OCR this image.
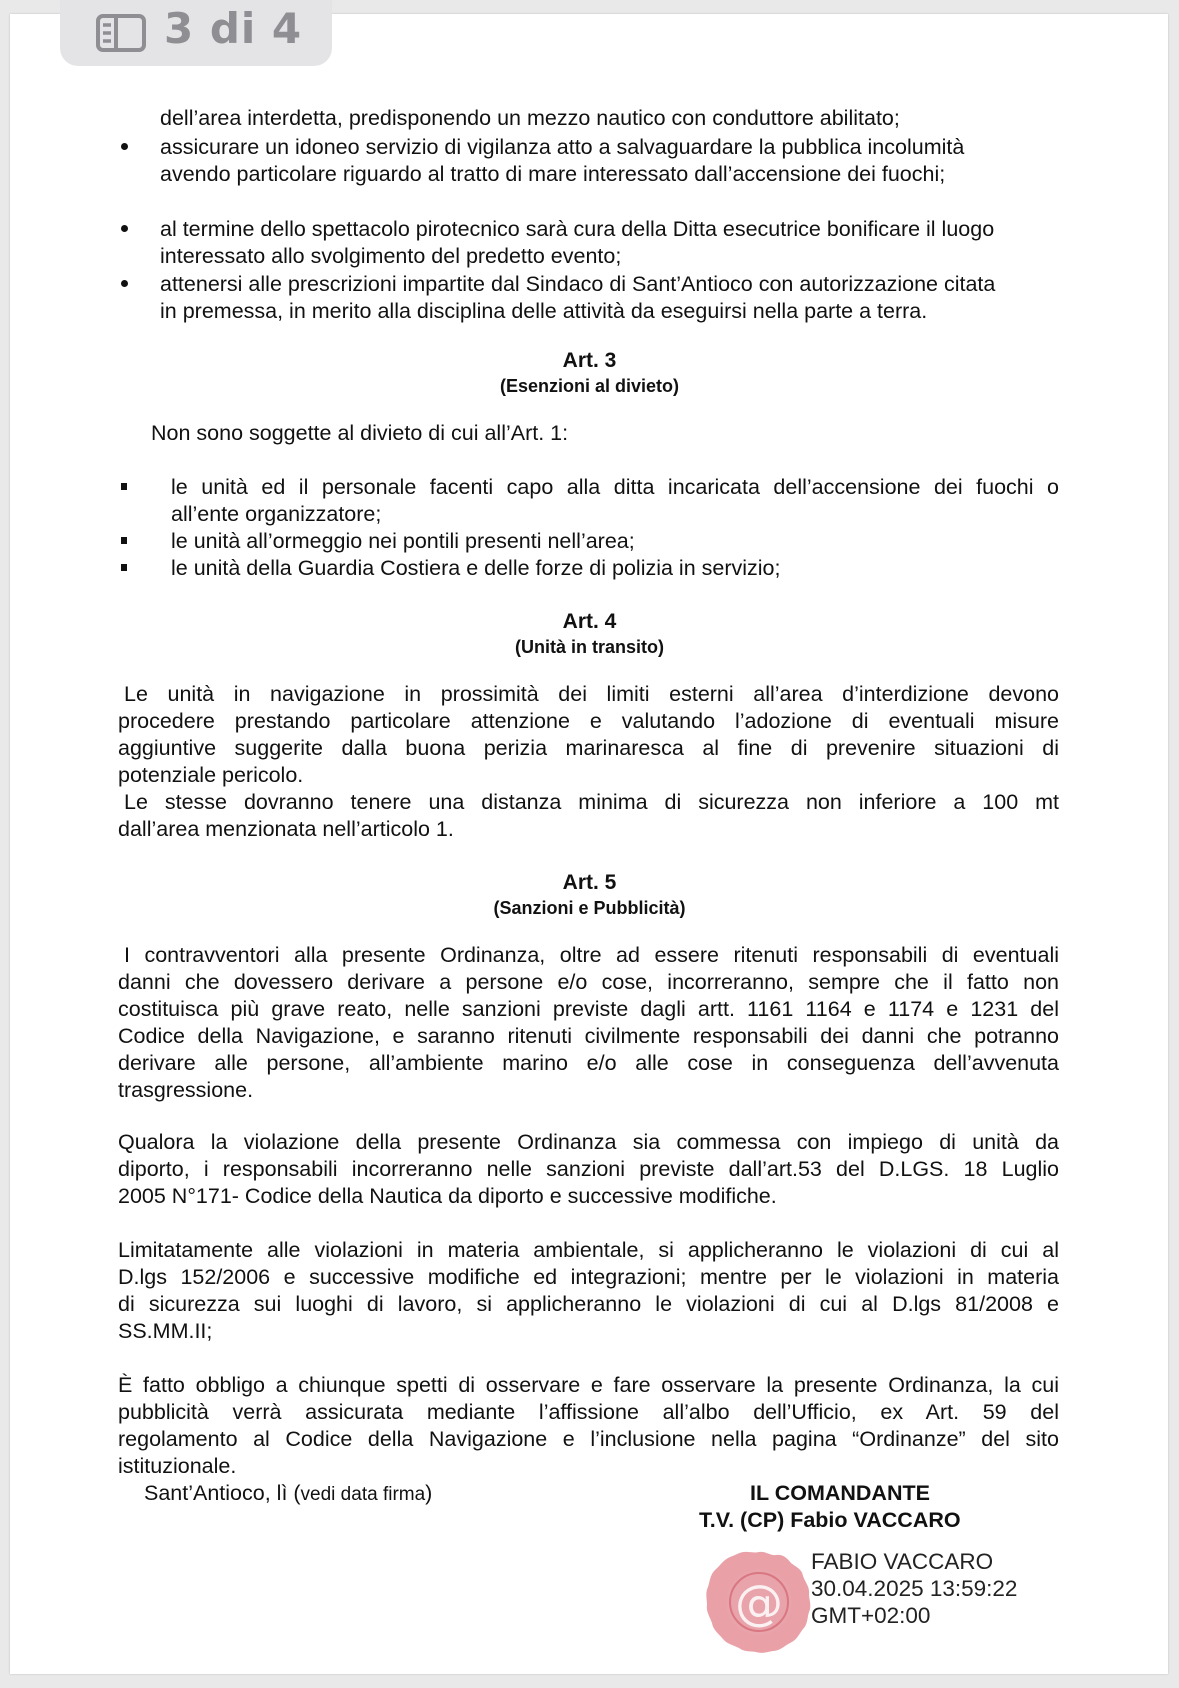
3 di 4
dell’area interdetta, predisponendo un mezzo nautico con conduttore abilitato;
assicurare un idoneo servizio di vigilanza atto a salvaguardare la pubblica incolumità
avendo particolare riguardo al tratto di mare interessato dall’accensione dei fuochi;
al termine dello spettacolo pirotecnico sarà cura della Ditta esecutrice bonificare il luogo
interessato allo svolgimento del predetto evento;
attenersi alle prescrizioni impartite dal Sindaco di Sant’Antioco con autorizzazione citata
in premessa, in merito alla disciplina delle attività da eseguirsi nella parte a terra.
Art. 3
(Esenzioni al divieto)
Non sono soggette al divieto di cui all’Art. 1:
le unità ed il personale facenti capo alla ditta incaricata dell’accensione dei fuochi o
all’ente organizzatore;
le unità all’ormeggio nei pontili presenti nell’area;
le unità della Guardia Costiera e delle forze di polizia in servizio;
Art. 4
(Unità in transito)
Le unità in navigazione in prossimità dei limiti esterni all’area d’interdizione devono
procedere prestando particolare attenzione e valutando l’adozione di eventuali misure
aggiuntive suggerite dalla buona perizia marinaresca al fine di prevenire situazioni di
potenziale pericolo.
Le stesse dovranno tenere una distanza minima di sicurezza non inferiore a 100 mt
dall’area menzionata nell’articolo 1.
Art. 5
(Sanzioni e Pubblicità)
I contravventori alla presente Ordinanza, oltre ad essere ritenuti responsabili di eventuali
danni che dovessero derivare a persone e/o cose, incorreranno, sempre che il fatto non
costituisca più grave reato, nelle sanzioni previste dagli artt. 1161 1164 e 1174 e 1231 del
Codice della Navigazione, e saranno ritenuti civilmente responsabili dei danni che potranno
derivare alle persone, all’ambiente marino e/o alle cose in conseguenza dell’avvenuta
trasgressione.
Qualora la violazione della presente Ordinanza sia commessa con impiego di unità da
diporto, i responsabili incorreranno nelle sanzioni previste dall’art.53 del D.LGS. 18 Luglio
2005 N°171- Codice della Nautica da diporto e successive modifiche.
Limitatamente alle violazioni in materia ambientale, si applicheranno le violazioni di cui al
D.lgs 152/2006 e successive modifiche ed integrazioni; mentre per le violazioni in materia
di sicurezza sui luoghi di lavoro, si applicheranno le violazioni di cui al D.lgs 81/2008 e
SS.MM.II;
È fatto obbligo a chiunque spetti di osservare e fare osservare la presente Ordinanza, la cui
pubblicità verrà assicurata mediante l’affissione all’albo dell’Ufficio, ex Art. 59 del
regolamento al Codice della Navigazione e l’inclusione nella pagina “Ordinanze” del sito
istituzionale.
Sant’Antioco, lì (vedi data firma)	IL COMANDANTE
T.V. (CP) Fabio VACCARO
@
FABIO VACCARO
30.04.2025 13:59:22
GMT+02:00
